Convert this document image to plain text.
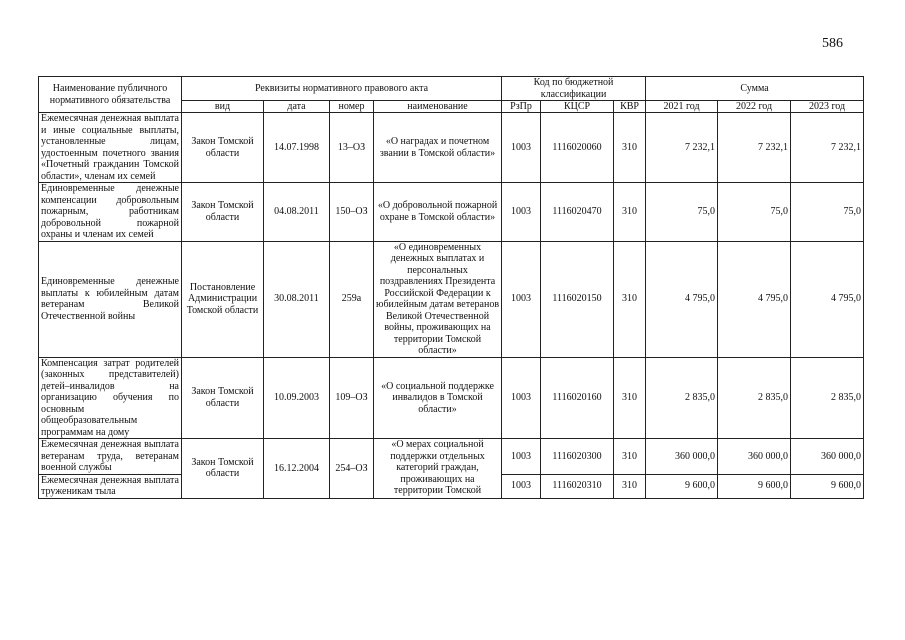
586
Наименование публичного нормативного обязательства	Реквизиты нормативного правового акта				Код по бюджетной классификации			Сумма		
	вид	дата	номер	наименование	РзПр	КЦСР	КВР	2021 год	2022 год	2023 год
Ежемесячная денежная выплата и иные социальные выплаты, установленные лицам, удостоенным почетного звания «Почетный гражданин Томской области», членам их семей	Закон Томской области	14.07.1998	13–ОЗ	«О наградах и почетном звании в Томской области»	1003	1116020060	310	7 232,1	7 232,1	7 232,1
Единовременные денежные компенсации добровольным пожарным, работникам добровольной пожарной охраны и членам их семей	Закон Томской области	04.08.2011	150–ОЗ	«О добровольной пожарной охране в Томской области»	1003	1116020470	310	75,0	75,0	75,0
Единовременные денежные выплаты к юбилейным датам ветеранам Великой Отечественной войны	Постановление Администрации Томской области	30.08.2011	259а	«О единовременных денежных выплатах и персональных поздравлениях Президента Российской Федерации к юбилейным датам ветеранов Великой Отечественной войны, проживающих на территории Томской области»	1003	1116020150	310	4 795,0	4 795,0	4 795,0
Компенсация затрат родителей (законных представителей) детей–инвалидов на организацию обучения по основным общеобразовательным программам на дому	Закон Томской области	10.09.2003	109–ОЗ	«О социальной поддержке инвалидов в Томской области»	1003	1116020160	310	2 835,0	2 835,0	2 835,0
Ежемесячная денежная выплата ветеранам труда, ветеранам военной службы	Закон Томской области	16.12.2004	254–ОЗ	«О мерах социальной поддержки отдельных категорий граждан, проживающих на территории Томской	1003	1116020300	310	360 000,0	360 000,0	360 000,0
Ежемесячная денежная выплата труженикам тыла					1003	1116020310	310	9 600,0	9 600,0	9 600,0
